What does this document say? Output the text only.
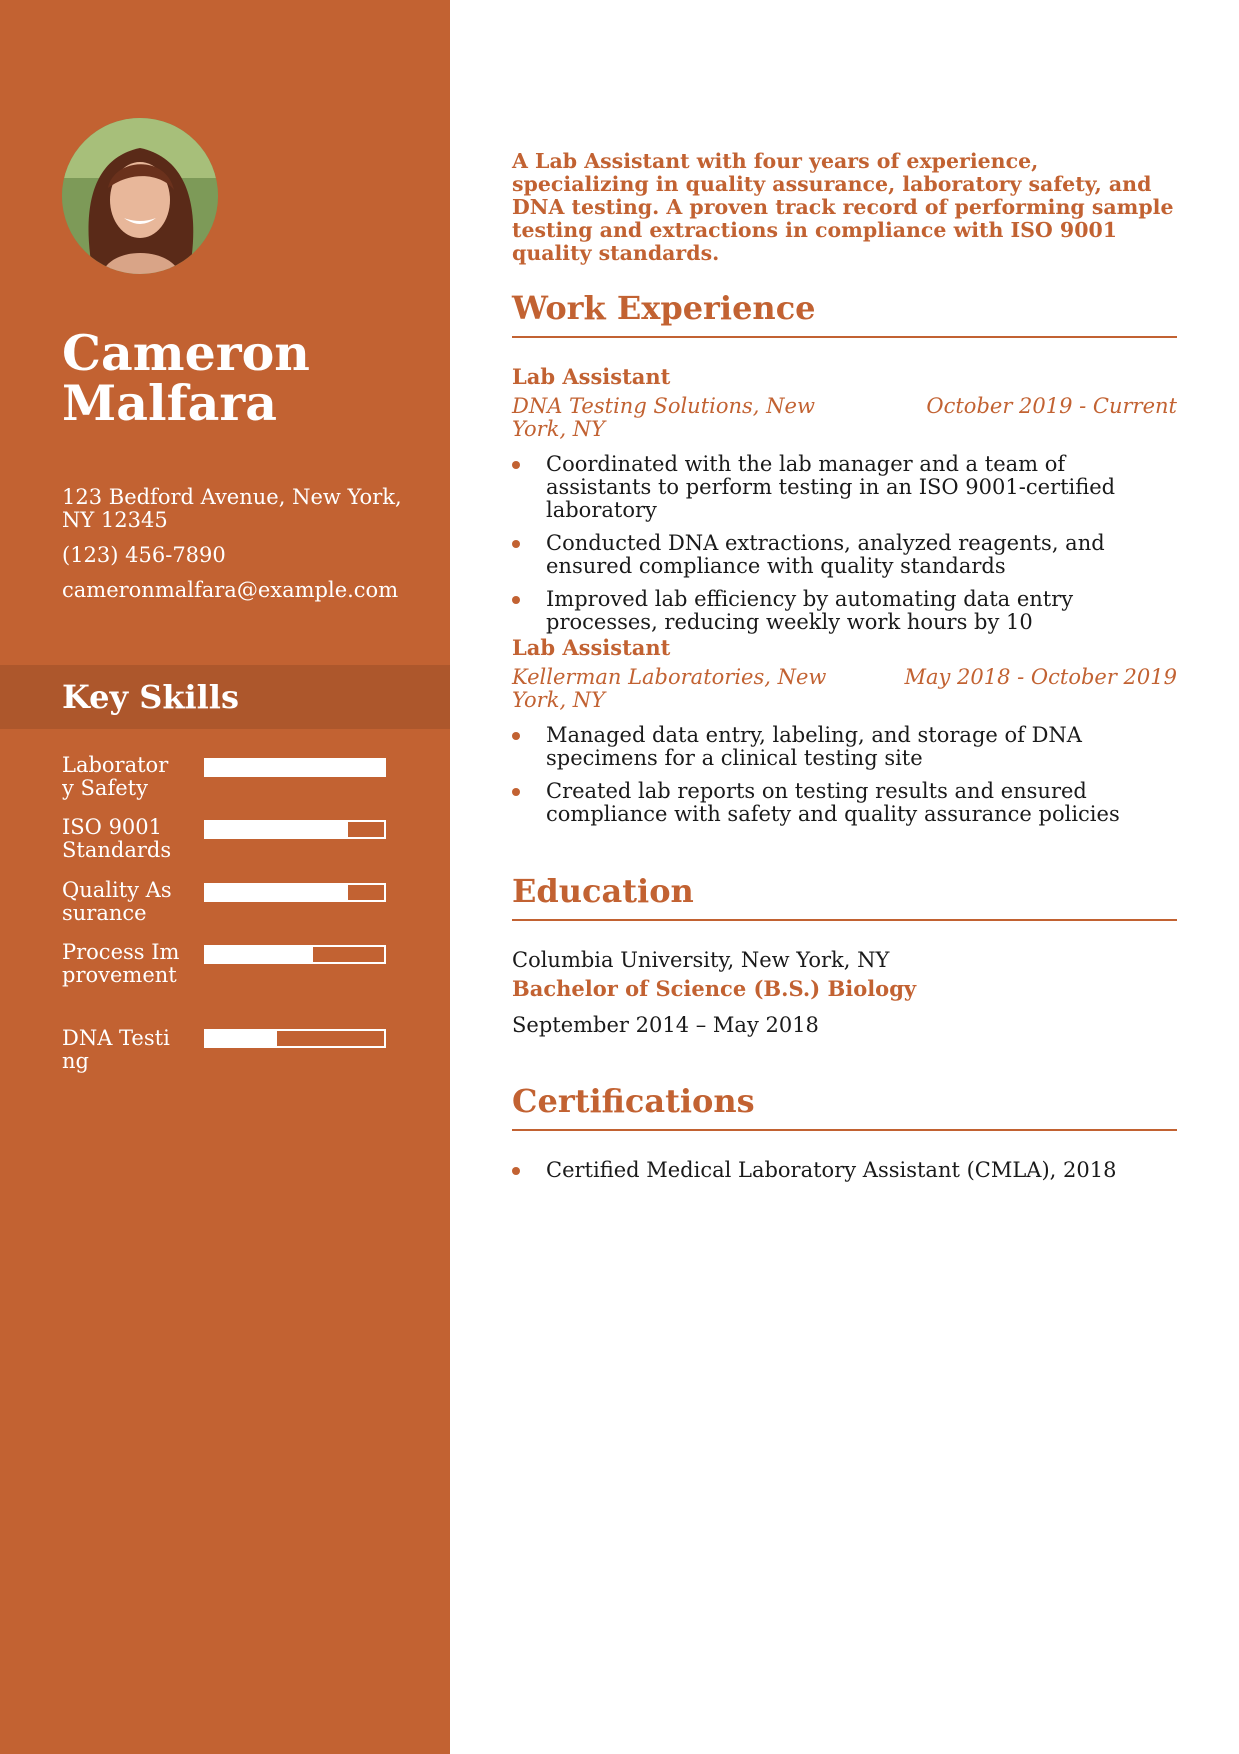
Cameron
Malfara
123 Bedford Avenue, New York, NY 12345
(123) 456-7890
cameronmalfara@example.com
Key Skills
Laboratory Safety
ISO 9001 Standards
Quality Assurance
Process Improvement
DNA Testing

A Lab Assistant with four years of experience, specializing in quality assurance, laboratory safety, and DNA testing. A proven track record of performing sample testing and extractions in compliance with ISO 9001 quality standards.

Work Experience
Lab Assistant
DNA Testing Solutions, New York, NY
October 2019 - Current
Coordinated with the lab manager and a team of assistants to perform testing in an ISO 9001-certified laboratory
Conducted DNA extractions, analyzed reagents, and ensured compliance with quality standards
Improved lab efficiency by automating data entry processes, reducing weekly work hours by 10
Lab Assistant
Kellerman Laboratories, New York, NY
May 2018 - October 2019
Managed data entry, labeling, and storage of DNA specimens for a clinical testing site
Created lab reports on testing results and ensured compliance with safety and quality assurance policies
Education
Columbia University, New York, NY
Bachelor of Science (B.S.) Biology
September 2014 – May 2018
Certifications
Certified Medical Laboratory Assistant (CMLA), 2018
